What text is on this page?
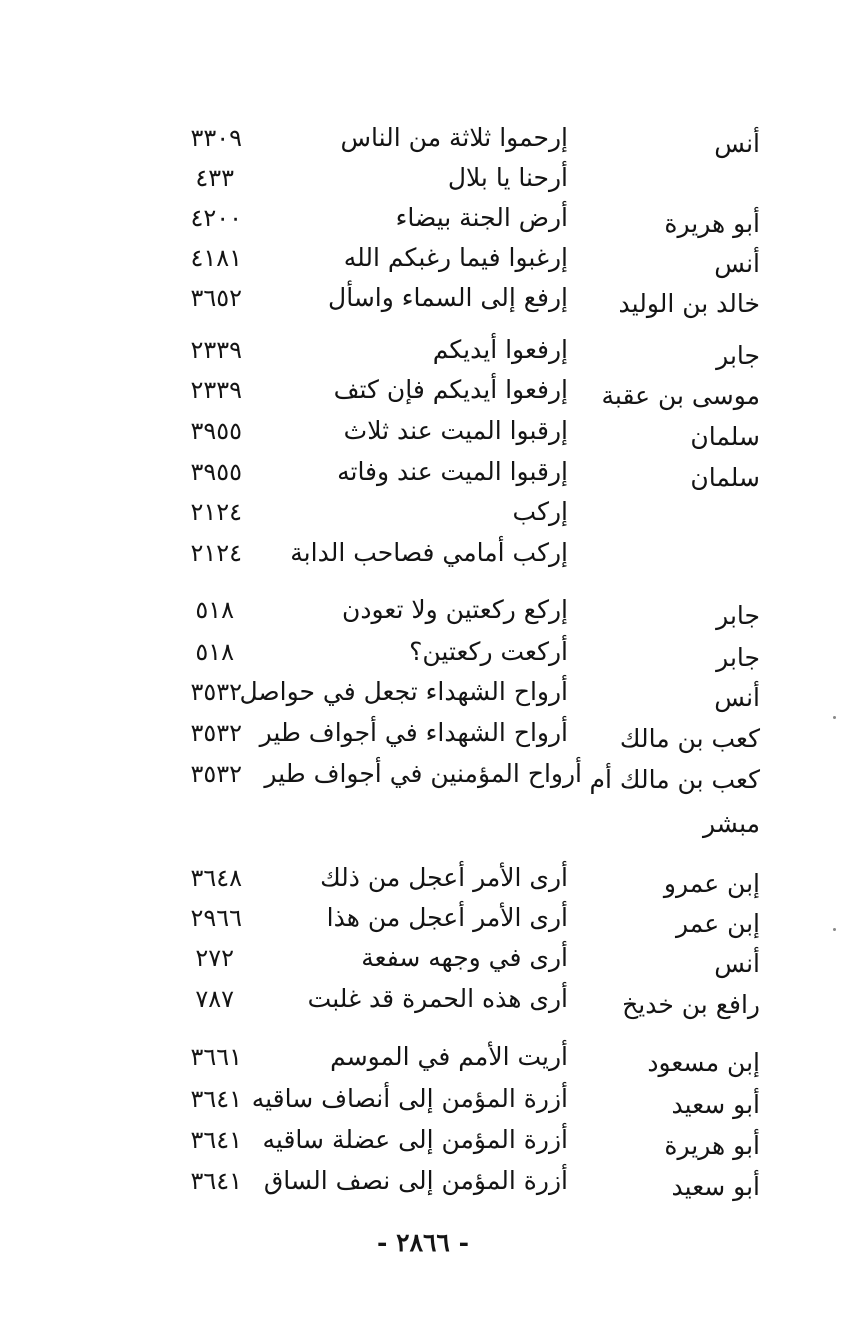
أنس
إرحموا ثلاثة من الناس
٣٣٠٩
أرحنا يا بلال
٤٣٣
أبو هريرة
أرض الجنة بيضاء
٤٢٠٠
أنس
إرغبوا فيما رغبكم الله
٤١٨١
خالد بن الوليد
إرفع إلى السماء واسأل
٣٦٥٢
جابر
إرفعوا أيديكم
٢٣٣٩
موسى بن عقبة
إرفعوا أيديكم فإن كتف
٢٣٣٩
سلمان
إرقبوا الميت عند ثلاث
٣٩٥٥
سلمان
إرقبوا الميت عند وفاته
٣٩٥٥
إركب
٢١٢٤
إركب أمامي فصاحب الدابة
٢١٢٤
جابر
إركع ركعتين ولا تعودن
٥١٨
جابر
أركعت ركعتين؟
٥١٨
أنس
أرواح الشهداء تجعل في حواصل
٣٥٣٢
كعب بن مالك
أرواح الشهداء في أجواف طير
٣٥٣٢
كعب بن مالك أم
أرواح المؤمنين في أجواف طير
٣٥٣٢
مبشر
إبن عمرو
أرى الأمر أعجل من ذلك
٣٦٤٨
إبن عمر
أرى الأمر أعجل من هذا
٢٩٦٦
أنس
أرى في وجهه سفعة
٢٧٢
رافع بن خديخ
أرى هذه الحمرة قد غلبت
٧٨٧
إبن مسعود
أريت الأمم في الموسم
٣٦٦١
أبو سعيد
أزرة المؤمن إلى أنصاف ساقيه
٣٦٤١
أبو هريرة
أزرة المؤمن إلى عضلة ساقيه
٣٦٤١
أبو سعيد
أزرة المؤمن إلى نصف الساق
٣٦٤١
- ٢٨٦٦ -
